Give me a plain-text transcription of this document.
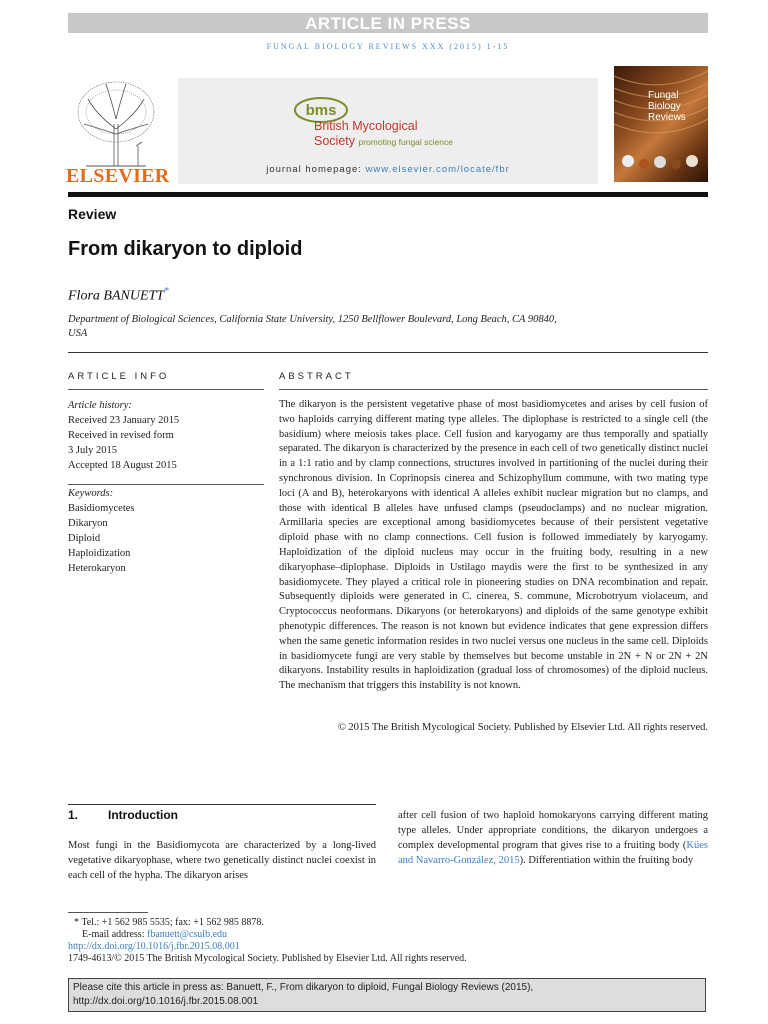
ARTICLE IN PRESS
FUNGAL BIOLOGY REVIEWS XXX (2015) 1-15
ELSEVIER
bms
British Mycological
Society promoting fungal science
journal homepage: www.elsevier.com/locate/fbr
Fungal
Biology
Reviews
Review
From dikaryon to diploid
Flora BANUETT*
Department of Biological Sciences, California State University, 1250 Bellflower Boulevard, Long Beach, CA 90840, USA
ARTICLE INFO	ABSTRACT
Article history:
Received 23 January 2015
Received in revised form
3 July 2015
Accepted 18 August 2015
Keywords:
Basidiomycetes
Dikaryon
Diploid
Haploidization
Heterokaryon
The dikaryon is the persistent vegetative phase of most basidiomycetes and arises by cell fusion of two haploids carrying different mating type alleles. The diplophase is restricted to a single cell (the basidium) where meiosis takes place. Cell fusion and karyogamy are thus temporally and spatially separated. The dikaryon is characterized by the presence in each cell of two genetically distinct nuclei in a 1:1 ratio and by clamp connections, structures involved in partitioning of the nuclei during their synchronous division. In Coprinopsis cinerea and Schizophyllum commune, with two mating type loci (A and B), heterokaryons with identical A alleles exhibit nuclear migration but no clamps, and those with identical B alleles have unfused clamps (pseudoclamps) and no nuclear migration. Armillaria species are exceptional among basidiomycetes because of their persistent vegetative diploid phase with no clamp connections. Cell fusion is followed immediately by karyogamy. Haploidization of the diploid nucleus may occur in the fruiting body, resulting in a new dikaryophase–diplophase. Diploids in Ustilago maydis were the first to be synthesized in any basidiomycete. They played a critical role in pioneering studies on DNA recombination and repair. Subsequently diploids were generated in C. cinerea, S. commune, Microbotryum violaceum, and Cryptococcus neoformans. Dikaryons (or heterokaryons) and diploids of the same genotype exhibit phenotypic differences. The reason is not known but evidence indicates that gene expression differs when the same genetic information resides in two nuclei versus one nucleus in the same cell. Diploids in basidiomycete fungi are very stable by themselves but become unstable in 2N + N or 2N + 2N dikaryons. Instability results in haploidization (gradual loss of chromosomes) of the diploid nucleus. The mechanism that triggers this instability is not known.
© 2015 The British Mycological Society. Published by Elsevier Ltd. All rights reserved.
1. Introduction
Most fungi in the Basidiomycota are characterized by a long-lived vegetative dikaryophase, where two genetically distinct nuclei coexist in each cell of the hypha. The dikaryon arises
after cell fusion of two haploid homokaryons carrying different mating type alleles. Under appropriate conditions, the dikaryon undergoes a complex developmental program that gives rise to a fruiting body (Kües and Navarro-González, 2015). Differentiation within the fruiting body
* Tel.: +1 562 985 5535; fax: +1 562 985 8878.
E-mail address: fbanuett@csulb.edu
http://dx.doi.org/10.1016/j.fbr.2015.08.001
1749-4613/© 2015 The British Mycological Society. Published by Elsevier Ltd. All rights reserved.
Please cite this article in press as: Banuett, F., From dikaryon to diploid, Fungal Biology Reviews (2015), http://dx.doi.org/10.1016/j.fbr.2015.08.001
